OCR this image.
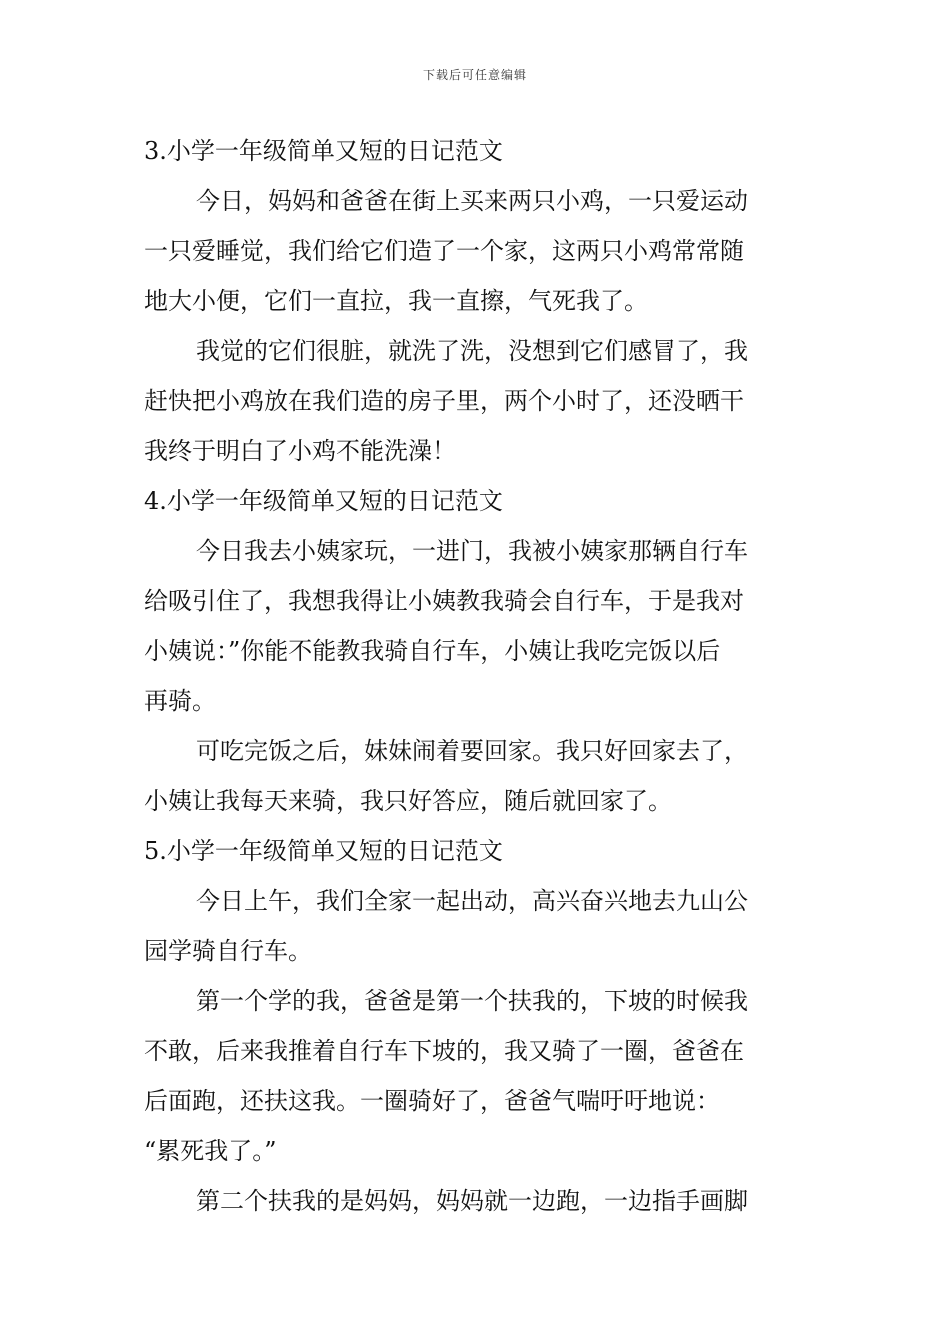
下载后可任意编辑
3.小学一年级简单又短的日记范文
今日，妈妈和爸爸在街上买来两只小鸡，一只爱运动
一只爱睡觉，我们给它们造了一个家，这两只小鸡常常随
地大小便，它们一直拉，我一直擦，气死我了。
我觉的它们很脏，就洗了洗，没想到它们感冒了，我
赶快把小鸡放在我们造的房子里，两个小时了，还没晒干
我终于明白了小鸡不能洗澡！
4.小学一年级简单又短的日记范文
今日我去小姨家玩，一进门，我被小姨家那辆自行车
给吸引住了，我想我得让小姨教我骑会自行车，于是我对
小姨说：”你能不能教我骑自行车，小姨让我吃完饭以后
再骑。
可吃完饭之后，妹妹闹着要回家。我只好回家去了，
小姨让我每天来骑，我只好答应，随后就回家了。
5.小学一年级简单又短的日记范文
今日上午，我们全家一起出动，高兴奋兴地去九山公
园学骑自行车。
第一个学的我，爸爸是第一个扶我的，下坡的时候我
不敢，后来我推着自行车下坡的，我又骑了一圈，爸爸在
后面跑，还扶这我。一圈骑好了，爸爸气喘吁吁地说：
“累死我了。”
第二个扶我的是妈妈，妈妈就一边跑，一边指手画脚
